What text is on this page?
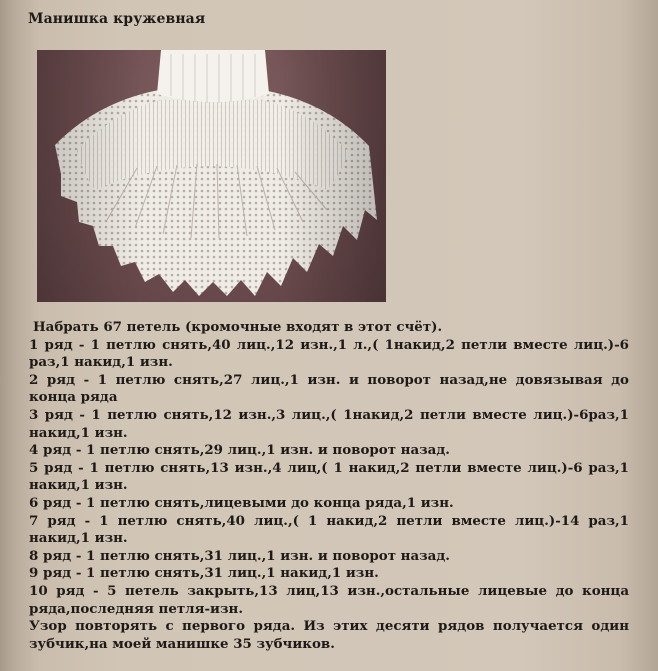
Манишка кружевная

Набрать 67 петель (кромочные входят в этот счёт).

1 ряд - 1 петлю снять,40 лиц.,12 изн.,1 л.,( 1накид,2 петли вместе лиц.)-6 раз,1 накид,1 изн.

2 ряд - 1 петлю снять,27 лиц.,1 изн. и поворот назад,не довязывая до конца ряда

3 ряд - 1 петлю снять,12 изн.,3 лиц.,( 1накид,2 петли вместе лиц.)-6раз,1 накид,1 изн.

4 ряд - 1 петлю снять,29 лиц.,1 изн. и поворот назад.

5 ряд - 1 петлю снять,13 изн.,4 лиц,( 1 накид,2 петли вместе лиц.)-6 раз,1 накид,1 изн.

6 ряд - 1 петлю снять,лицевыми до конца ряда,1 изн.

7 ряд - 1 петлю снять,40 лиц.,( 1 накид,2 петли вместе лиц.)-14 раз,1 накид,1 изн.

8 ряд - 1 петлю снять,31 лиц.,1 изн. и поворот назад.

9 ряд - 1 петлю снять,31 лиц.,1 накид,1 изн.

10 ряд - 5 петель закрыть,13 лиц,13 изн.,остальные лицевые до конца ряда,последняя петля-изн.

Узор повторять с первого ряда. Из этих десяти рядов получается один зубчик,на моей манишке 35 зубчиков.
